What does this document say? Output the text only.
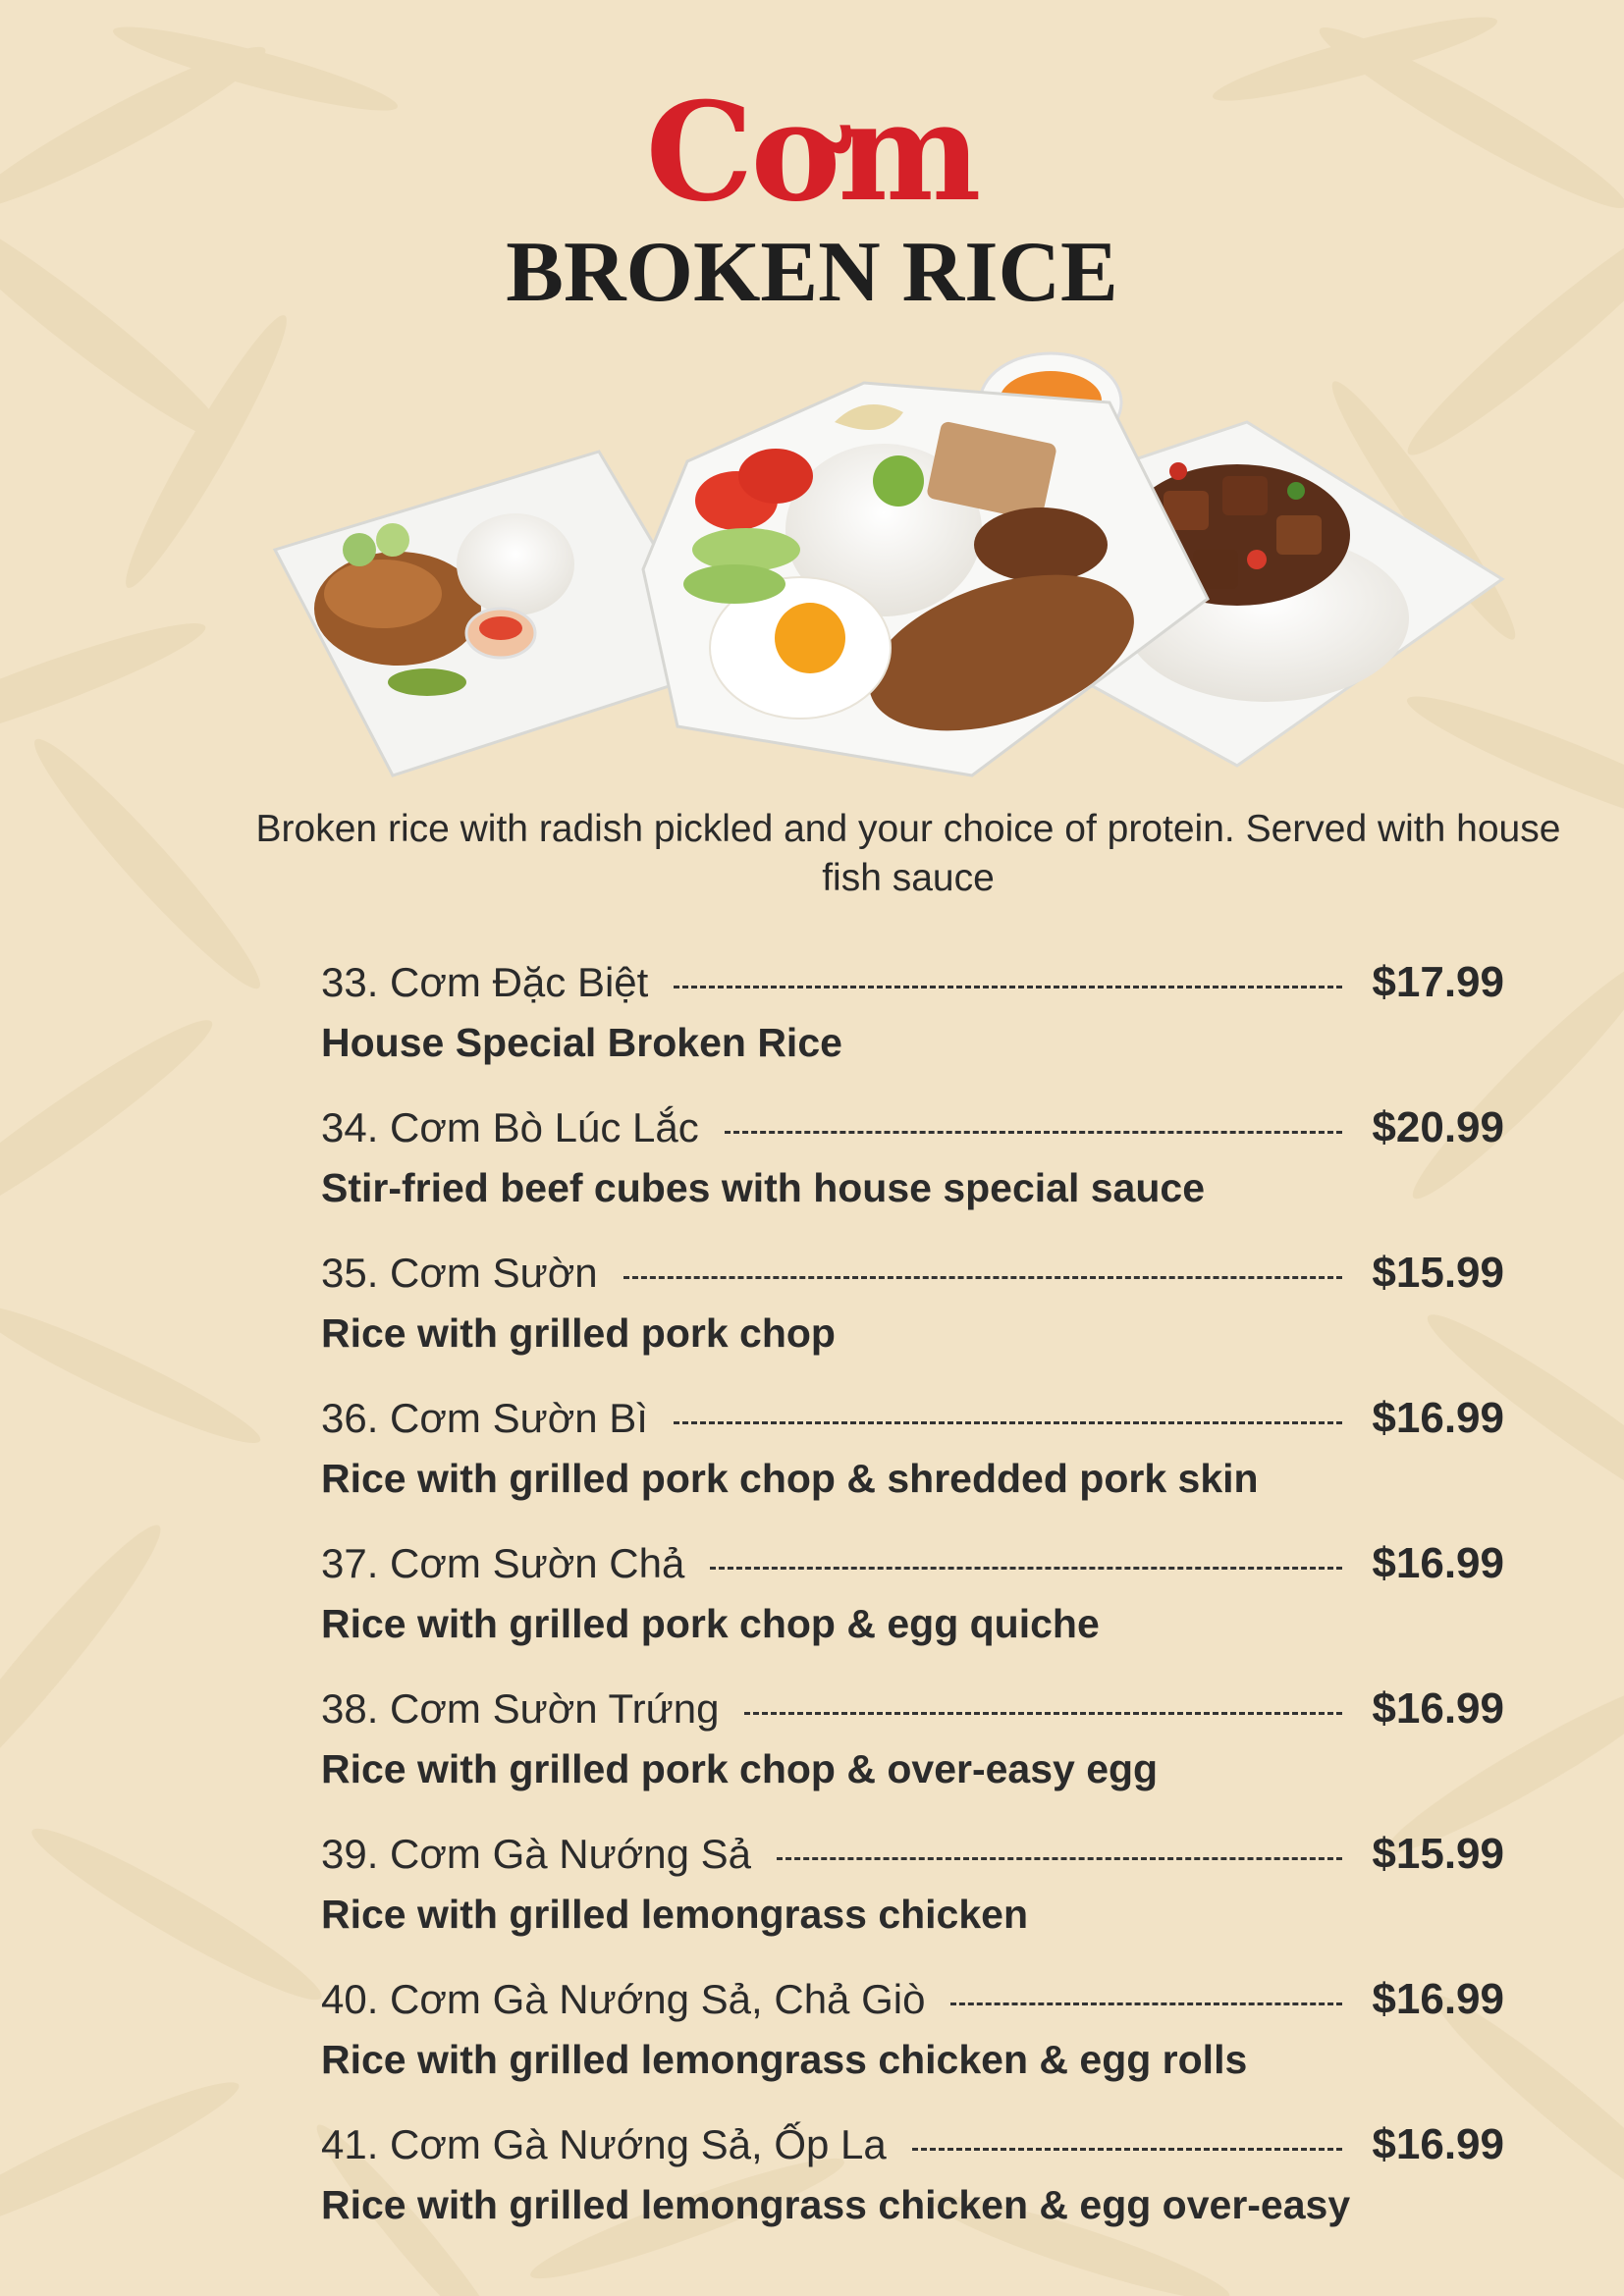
Cơm
BROKEN RICE
Broken rice with radish pickled and your choice of protein. Served with house fish sauce
33. Cơm Đặc Biệt	$17.99
House Special Broken Rice
34. Cơm Bò Lúc Lắc	$20.99
Stir-fried beef cubes with house special sauce
35. Cơm Sườn	$15.99
Rice with grilled pork chop
36. Cơm Sườn Bì	$16.99
Rice with grilled pork chop & shredded pork skin
37. Cơm Sườn Chả	$16.99
Rice with grilled pork chop & egg quiche
38. Cơm Sườn Trứng	$16.99
Rice with grilled pork chop & over-easy egg
39. Cơm Gà Nướng Sả	$15.99
Rice with grilled lemongrass chicken
40. Cơm Gà Nướng Sả, Chả Giò	$16.99
Rice with grilled lemongrass chicken & egg rolls
41. Cơm Gà Nướng Sả, Ốp La	$16.99
Rice with grilled lemongrass chicken & egg over-easy
